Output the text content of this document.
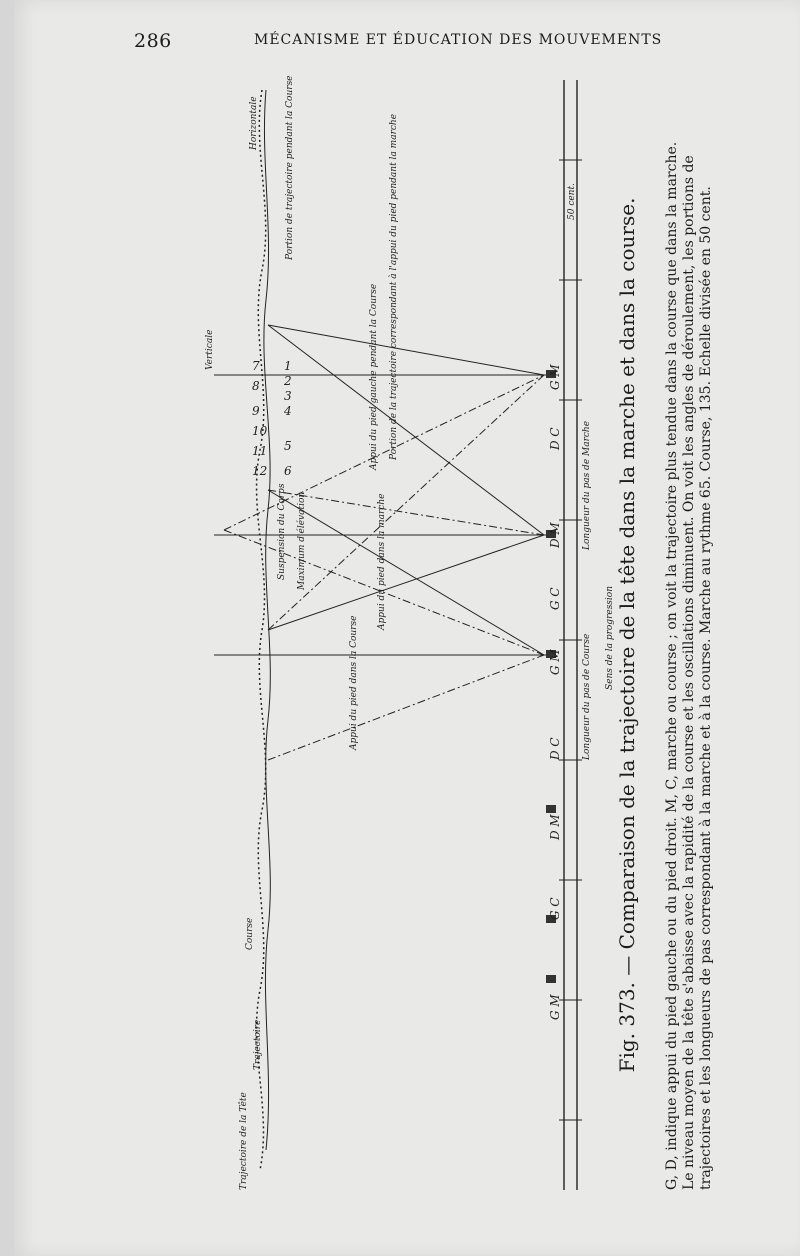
286	MÉCANISME ET ÉDUCATION DES MOUVEMENTS
Trajectoire de la Tête
Trajectoire
Course
Verticale
Horizontale
Longueur du pas de Course
Longueur du pas de Marche
Sens de la progression
50 cent.
Appui du pied gauche pendant la Course
Appui du pied dans la marche
Appui du pied dans la Course
Portion de la trajectoire correspondant à l'appui du pied pendant la marche
Portion de trajectoire pendant la Course
Suspension du Corps Maximum d'élévation
G M
G C
D M
D C
G M
G C
D M
D C
G M
1
2
3
4
5
6
7
8
9
10
11
12	Fig. 373. — Comparaison de la trajectoire de la tête dans la marche et dans la course. G, D, indique appui du pied gauche ou du pied droit. M, C, marche ou course ; on voit la trajectoire plus tendue dans la course que dans la marche. Le niveau moyen de la tête s'abaisse avec la rapidité de la course et les oscillations diminuent. On voit les angles de déroulement, les portions de trajectoires et les longueurs de pas correspondant à la marche et à la course. Marche au rythme 65. Course, 135. Echelle divisée en 50 cent.
